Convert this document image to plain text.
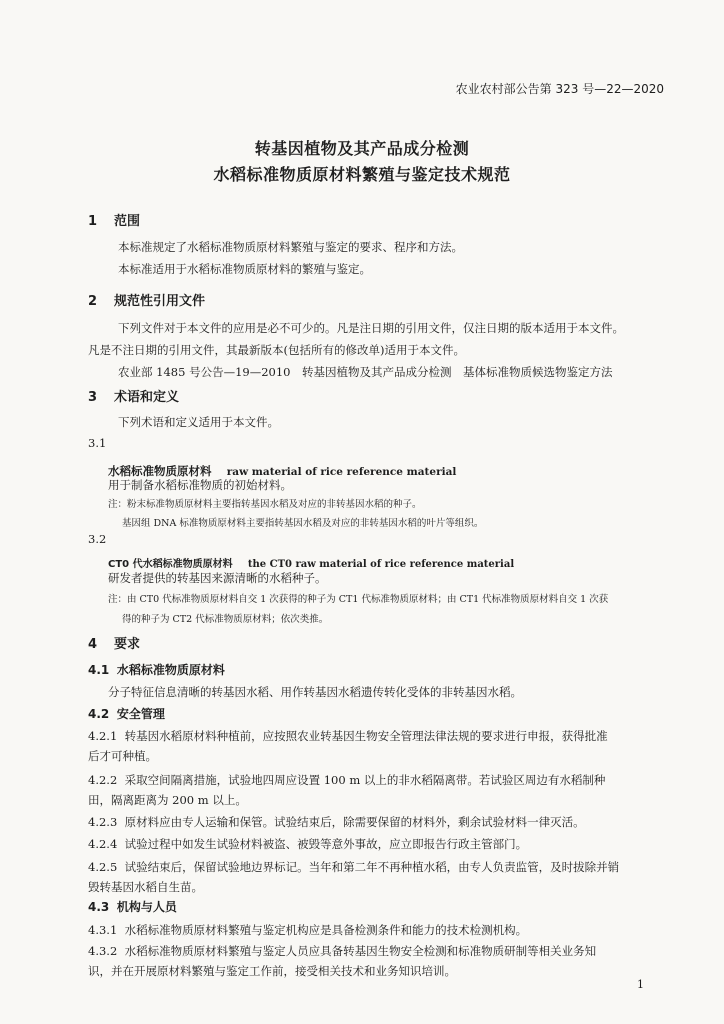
农业农村部公告第 323 号—22—2020
转基因植物及其产品成分检测
水稻标准物质原材料繁殖与鉴定技术规范
1 范围
本标准规定了水稻标准物质原材料繁殖与鉴定的要求、程序和方法。
本标准适用于水稻标准物质原材料的繁殖与鉴定。
2 规范性引用文件
下列文件对于本文件的应用是必不可少的。凡是注日期的引用文件，仅注日期的版本适用于本文件。
凡是不注日期的引用文件，其最新版本(包括所有的修改单)适用于本文件。
农业部 1485 号公告—19—2010　转基因植物及其产品成分检测　基体标准物质候选物鉴定方法
3 术语和定义
下列术语和定义适用于本文件。
3.1
水稻标准物质原材料 raw material of rice reference material
用于制备水稻标准物质的初始材料。
注：粉末标准物质原材料主要指转基因水稻及对应的非转基因水稻的种子。
基因组 DNA 标准物质原材料主要指转基因水稻及对应的非转基因水稻的叶片等组织。
3.2
CT0 代水稻标准物质原材料 the CT0 raw material of rice reference material
研发者提供的转基因来源清晰的水稻种子。
注：由 CT0 代标准物质原材料自交 1 次获得的种子为 CT1 代标准物质原材料；由 CT1 代标准物质原材料自交 1 次获
得的种子为 CT2 代标准物质原材料；依次类推。
4 要求
4.1 水稻标准物质原材料
分子特征信息清晰的转基因水稻、用作转基因水稻遗传转化受体的非转基因水稻。
4.2 安全管理
4.2.1 转基因水稻原材料种植前，应按照农业转基因生物安全管理法律法规的要求进行申报，获得批准
后才可种植。
4.2.2 采取空间隔离措施，试验地四周应设置 100 m 以上的非水稻隔离带。若试验区周边有水稻制种
田，隔离距离为 200 m 以上。
4.2.3 原材料应由专人运输和保管。试验结束后，除需要保留的材料外，剩余试验材料一律灭活。
4.2.4 试验过程中如发生试验材料被盗、被毁等意外事故，应立即报告行政主管部门。
4.2.5 试验结束后，保留试验地边界标记。当年和第二年不再种植水稻，由专人负责监管，及时拔除并销
毁转基因水稻自生苗。
4.3 机构与人员
4.3.1 水稻标准物质原材料繁殖与鉴定机构应是具备检测条件和能力的技术检测机构。
4.3.2 水稻标准物质原材料繁殖与鉴定人员应具备转基因生物安全检测和标准物质研制等相关业务知
识，并在开展原材料繁殖与鉴定工作前，接受相关技术和业务知识培训。
1
